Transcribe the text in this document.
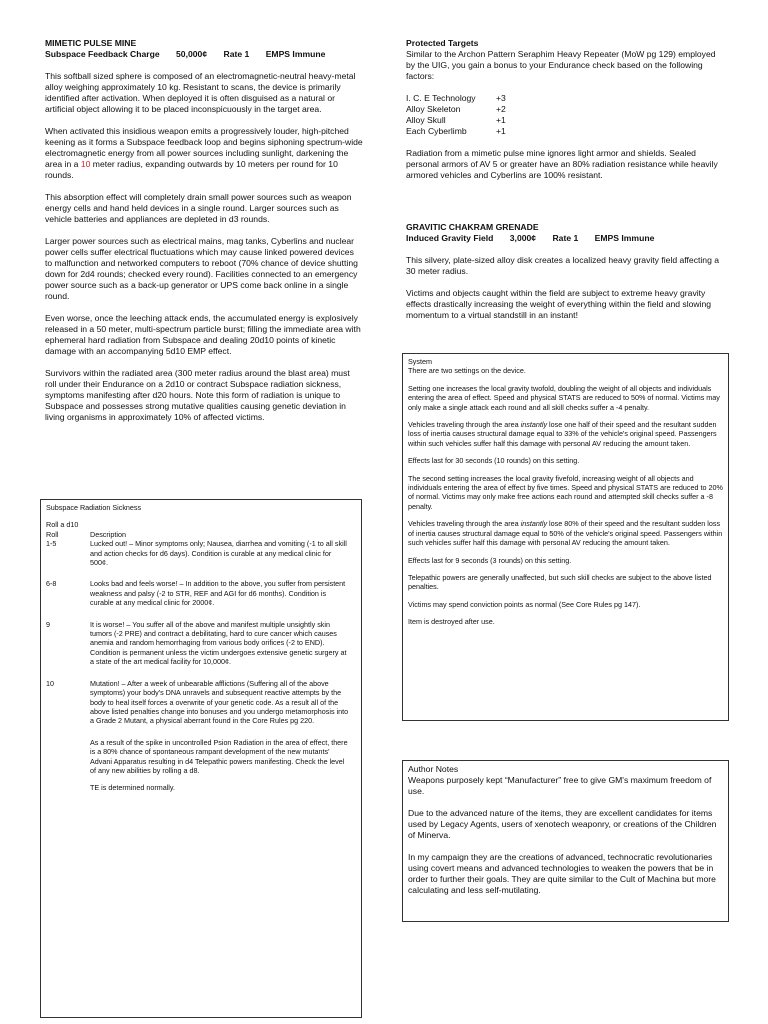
MIMETIC PULSE MINE
Subspace Feedback Charge 50,000¢ Rate 1 EMPS Immune

This softball sized sphere is composed of an electromagnetic-neutral heavy-metal alloy weighing approximately 10 kg. Resistant to scans, the device is primarily identified after activation. When deployed it is often disguised as a natural or artificial object allowing it to be placed inconspicuously in the target area.

When activated this insidious weapon emits a progressively louder, high-pitched keening as it forms a Subspace feedback loop and begins siphoning spectrum-wide electromagnetic energy from all power sources including sunlight, darkening the area in a 10 meter radius, expanding outwards by 10 meters per round for 10 rounds.

This absorption effect will completely drain small power sources such as weapon energy cells and hand held devices in a single round. Larger sources such as vehicle batteries and appliances are depleted in d3 rounds.

Larger power sources such as electrical mains, mag tanks, Cyberlins and nuclear power cells suffer electrical fluctuations which may cause linked powered devices to malfunction and networked computers to reboot (70% chance of device shutting down for 2d4 rounds; checked every round). Facilities connected to an emergency power source such as a back-up generator or UPS come back online in a single round.

Even worse, once the leeching attack ends, the accumulated energy is explosively released in a 50 meter, multi-spectrum particle burst; filling the immediate area with ephemeral hard radiation from Subspace and dealing 20d10 points of kinetic damage with an accompanying 5d10 EMP effect.

Survivors within the radiated area (300 meter radius around the blast area) must roll under their Endurance on a 2d10 or contract Subspace radiation sickness, symptoms manifesting after d20 hours. Note this form of radiation is unique to Subspace and possesses strong mutative qualities causing genetic deviation in living organisms in approximately 10% of affected victims.

Subspace Radiation Sickness

Roll a d10
Roll	Description
1-5	Lucked out! – Minor symptoms only; Nausea, diarrhea and vomiting (-1 to all skill and action checks for d6 days). Condition is curable at any medical clinic for 500¢.
6-8	Looks bad and feels worse! – In addition to the above, you suffer from persistent weakness and palsy (-2 to STR, REF and AGI for d6 months). Condition is curable at any medical clinic for 2000¢.
9	It is worse! – You suffer all of the above and manifest multiple unsightly skin tumors (-2 PRE) and contract a debilitating, hard to cure cancer which causes anemia and random hemorrhaging from various body orifices (-2 to END). Condition is permanent unless the victim undergoes extensive genetic surgery at a state of the art medical facility for 10,000¢.
10	Mutation! – After a week of unbearable afflictions (Suffering all of the above symptoms) your body's DNA unravels and subsequent reactive attempts by the body to heal itself forces a overwrite of your genetic code. As a result all of the above listed penalties change into bonuses and you undergo metamorphosis into a Grade 2 Mutant, a physical aberrant found in the Core Rules pg 220.
As a result of the spike in uncontrolled Psion Radiation in the area of effect, there is a 80% chance of spontaneous rampant development of the new mutants' Advani Apparatus resulting in d4 Telepathic powers manifesting. Check the level of any new abilities by rolling a d8.
TE is determined normally.
Protected Targets

Similar to the Archon Pattern Seraphim Heavy Repeater (MoW pg 129) employed by the UIG, you gain a bonus to your Endurance check based on the following factors:

I. C. E Technology	+3
Alloy Skeleton	+2
Alloy Skull	+1
Each Cyberlimb	+1

Radiation from a mimetic pulse mine ignores light armor and shields. Sealed personal armors of AV 5 or greater have an 80% radiation resistance while heavily armored vehicles and Cyberlins are 100% resistant.

GRAVITIC CHAKRAM GRENADE
Induced Gravity Field 3,000¢ Rate 1 EMPS Immune

This silvery, plate-sized alloy disk creates a localized heavy gravity field affecting a 30 meter radius.

Victims and objects caught within the field are subject to extreme heavy gravity effects drastically increasing the weight of everything within the field and slowing momentum to a virtual standstill in an instant!

System

There are two settings on the device.

Setting one increases the local gravity twofold, doubling the weight of all objects and individuals entering the area of effect. Speed and physical STATS are reduced to 50% of normal. Victims may only make a single attack each round and all skill checks suffer a -4 penalty.

Vehicles traveling through the area instantly lose one half of their speed and the resultant sudden loss of inertia causes structural damage equal to 33% of the vehicle's original speed. Passengers within such vehicles suffer half this damage with personal AV reducing the amount taken.

Effects last for 30 seconds (10 rounds) on this setting.

The second setting increases the local gravity fivefold, increasing weight of all objects and individuals entering the area of effect by five times. Speed and physical STATS are reduced to 20% of normal. Victims may only make free actions each round and attempted skill checks suffer a -8 penalty.

Vehicles traveling through the area instantly lose 80% of their speed and the resultant sudden loss of inertia causes structural damage equal to 50% of the vehicle's original speed. Passengers within such vehicles suffer half this damage with personal AV reducing the amount taken.

Effects last for 9 seconds (3 rounds) on this setting.

Telepathic powers are generally unaffected, but such skill checks are subject to the above listed penalties.

Victims may spend conviction points as normal (See Core Rules pg 147).

Item is destroyed after use.

Author Notes

Weapons purposely kept “Manufacturer” free to give GM's maximum freedom of use.

Due to the advanced nature of the items, they are excellent candidates for items used by Legacy Agents, users of xenotech weaponry, or creations of the Children of Minerva.

In my campaign they are the creations of advanced, technocratic revolutionaries using covert means and advanced technologies to weaken the powers that be in order to further their goals. They are quite similar to the Cult of Machina but more calculating and less self-mutilating.
